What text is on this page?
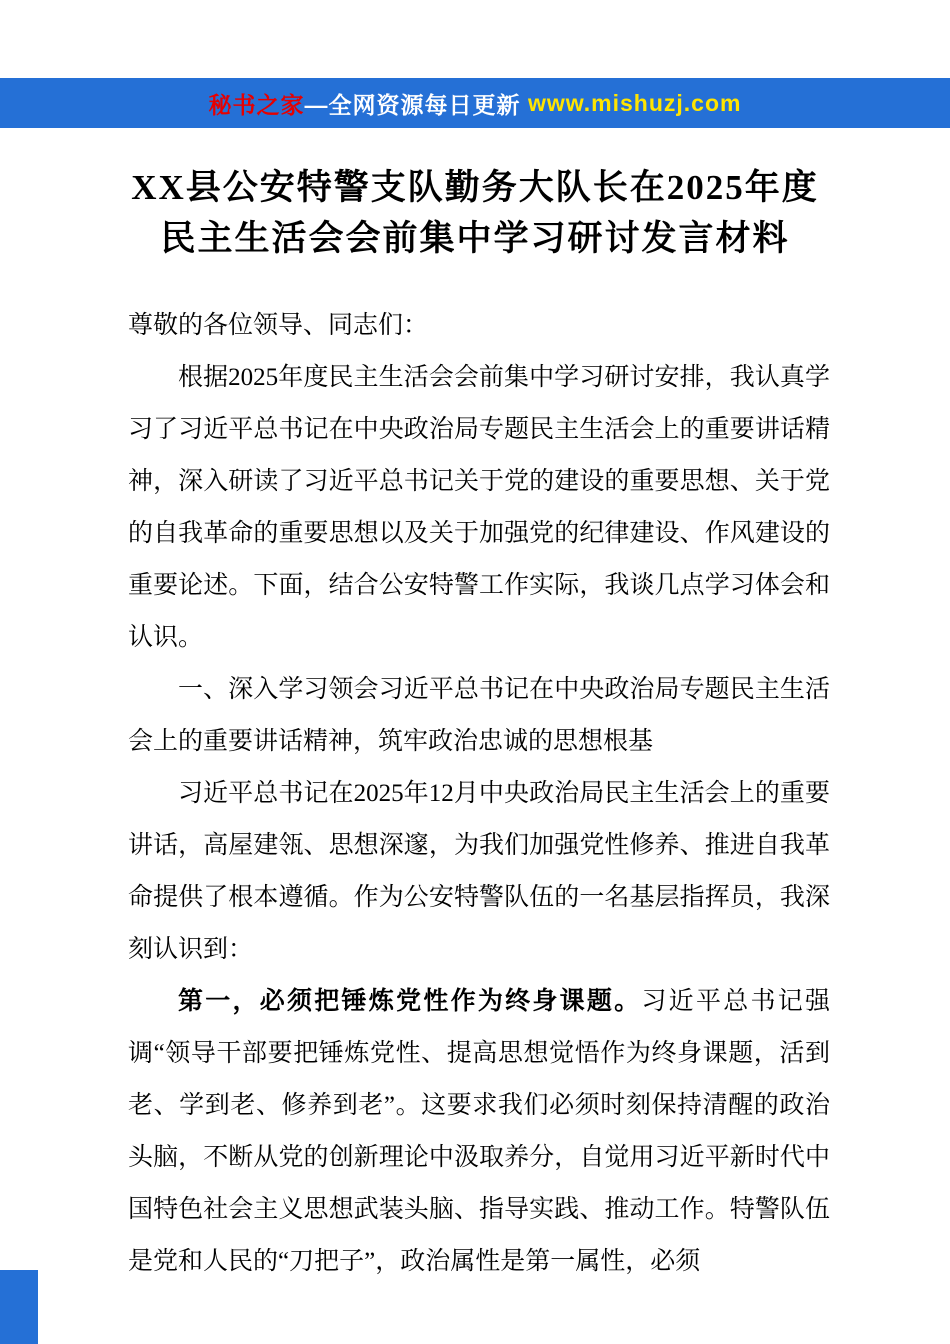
秘书之家 —全网资源每日更新 www.mishuzj.com
XX县公安特警支队勤务大队长在2025年度
民主生活会会前集中学习研讨发言材料

尊敬的各位领导、同志们：

根据2025年度民主生活会会前集中学习研讨安排，我认真学习了习近平总书记在中央政治局专题民主生活会上的重要讲话精神，深入研读了习近平总书记关于党的建设的重要思想、关于党的自我革命的重要思想以及关于加强党的纪律建设、作风建设的重要论述。下面，结合公安特警工作实际，我谈几点学习体会和认识。

一、深入学习领会习近平总书记在中央政治局专题民主生活会上的重要讲话精神，筑牢政治忠诚的思想根基

习近平总书记在2025年12月中央政治局民主生活会上的重要讲话，高屋建瓴、思想深邃，为我们加强党性修养、推进自我革命提供了根本遵循。作为公安特警队伍的一名基层指挥员，我深刻认识到：

第一，必须把锤炼党性作为终身课题。习近平总书记强调“领导干部要把锤炼党性、提高思想觉悟作为终身课题，活到老、学到老、修养到老”。这要求我们必须时刻保持清醒的政治头脑，不断从党的创新理论中汲取养分，自觉用习近平新时代中国特色社会主义思想武装头脑、指导实践、推动工作。特警队伍是党和人民的“刀把子”，政治属性是第一属性，必须
